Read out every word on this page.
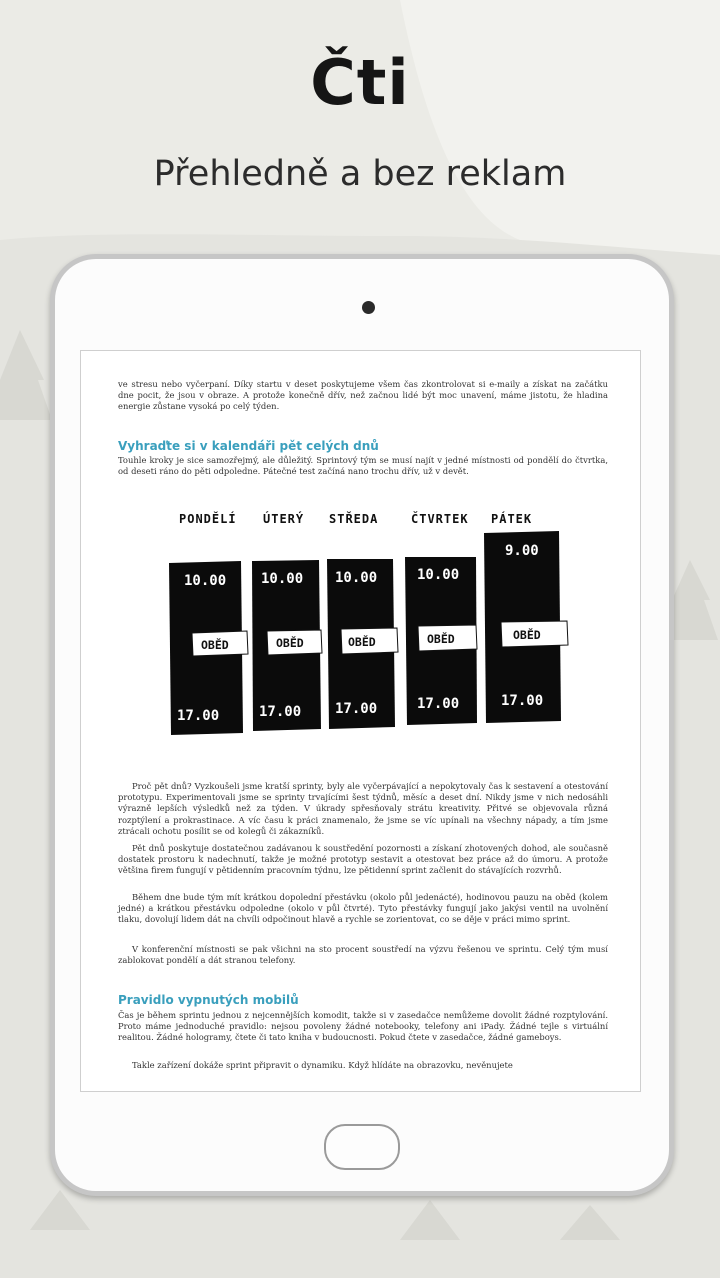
Čti
Přehledně a bez reklam

ve stresu nebo vyčerpaní. Díky startu v deset poskytujeme všem čas zkontrolovat si e-maily a získat na začátku dne pocit, že jsou v obraze. A protože konečně dřív, než začnou lidé být moc unavení, máme jistotu, že hladina energie zůstane vysoká po celý týden.

Vyhraďte si v kalendáři pět celých dnů

Touhle kroky je sice samozřejmý, ale důležitý. Sprintový tým se musí najít v jedné místnosti od pondělí do čtvrtka, od deseti ráno do pěti odpoledne. Pátečné test začíná nano trochu dřív, už v devět.

PONDĚLÍ
10.00
OBĚD
17.00
ÚTERÝ
10.00
OBĚD
17.00
STŘEDA
10.00
OBĚD
17.00
ČTVRTEK
10.00
OBĚD
17.00
PÁTEK
9.00
OBĚD
17.00

Proč pět dnů? Vyzkoušeli jsme kratší sprinty, byly ale vyčerpávající a nepokytovaly čas k sestavení a otestování prototypu. Experimentovali jsme se sprinty trvajícími šest týdnů, měsíc a deset dní. Nikdy jsme v nich nedosáhli výrazně lepších výsledků než za týden. V úkrady spřesňovaly strátu kreativity. Přitvé se objevovala různá rozptýlení a prokrastinace. A víc času k práci znamenalo, že jsme se víc upínali na všechny nápady, a tím jsme ztrácali ochotu posílit se od kolegů či zákazníků.

Pět dnů poskytuje dostatečnou zadávanou k soustředění pozornosti a získaní zhotovených dohod, ale současně dostatek prostoru k nadechnutí, takže je možné prototyp sestavit a otestovat bez práce až do úmoru. A protože většina firem fungují v pětidenním pracovním týdnu, lze pětidenní sprint začlenit do stávajících rozvrhů.

Během dne bude tým mít krátkou dopolední přestávku (okolo půl jedenácté), hodinovou pauzu na oběd (kolem jedné) a krátkou přestávku odpoledne (okolo v půl čtvrté). Tyto přestávky fungují jako jakýsi ventil na uvolnění tlaku, dovolují lidem dát na chvíli odpočinout hlavě a rychle se zorientovat, co se děje v práci mimo sprint.

V konferenční místnosti se pak všichni na sto procent soustředí na výzvu řešenou ve sprintu. Celý tým musí zablokovat pondělí a dát stranou telefony.

Pravidlo vypnutých mobilů

Čas je během sprintu jednou z nejcennějších komodit, takže si v zasedačce nemůžeme dovolit žádné rozptylování. Proto máme jednoduché pravidlo: nejsou povoleny žádné notebooky, telefony ani iPady. Žádné tejle s virtuální realitou. Žádné hologramy, čtete či tato kniha v budoucnosti. Pokud čtete v zasedačce, žádné gameboys.

Takle zaříze​ní dokáže sprint připravit o dynamiku. Když hlídáte na obrazovku, nevěnujete
